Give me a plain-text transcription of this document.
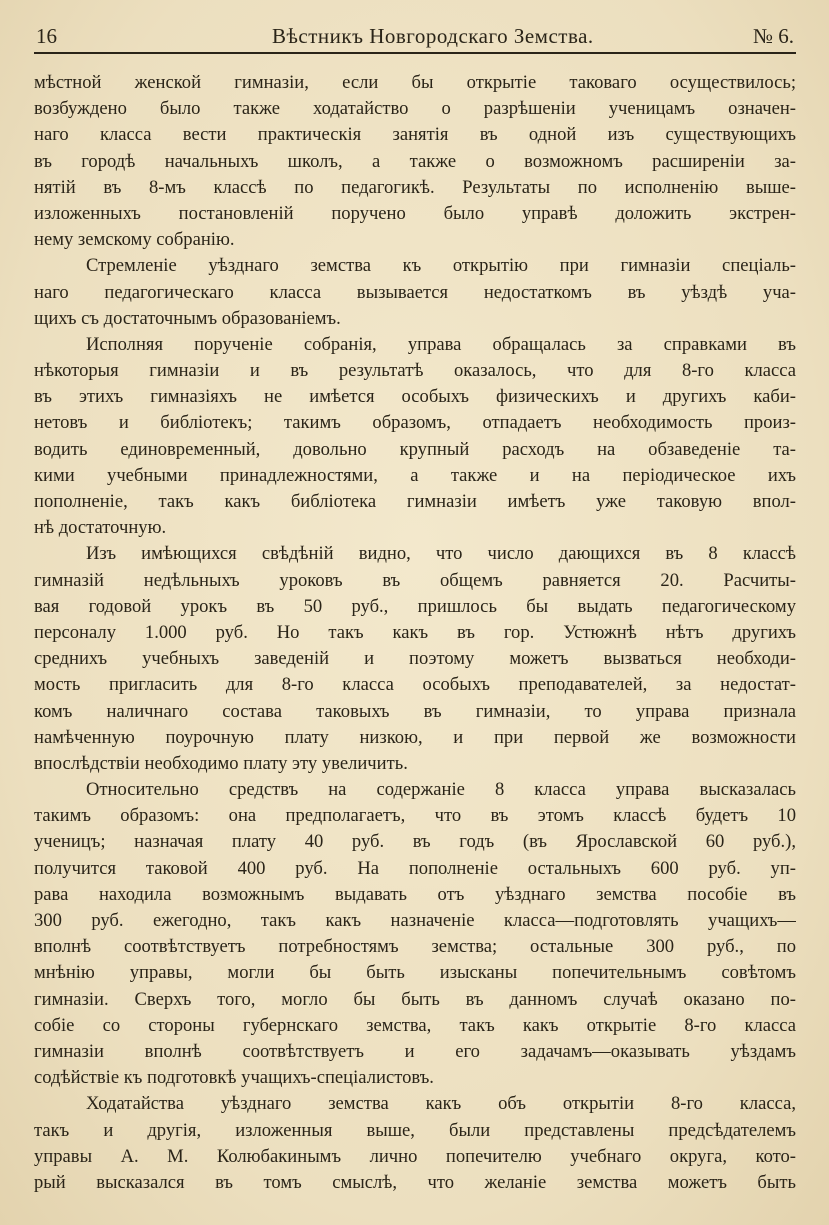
16	Вѣстникъ Новгородскаго Земства.	№ 6.
мѣстной женской гимназіи, если бы открытіе таковаго осуществилось;
возбуждено было также ходатайство о разрѣшеніи ученицамъ означен-
наго класса вести практическія занятія въ одной изъ существующихъ
въ городѣ начальныхъ школъ, а также о возможномъ расширеніи за-
нятій въ 8-мъ классѣ по педагогикѣ. Результаты по исполненію выше-
изложенныхъ постановленій поручено было управѣ доложить экстрен-
нему земскому собранію.
Стремленіе уѣзднаго земства къ открытію при гимназіи спеціаль-
наго педагогическаго класса вызывается недостаткомъ въ уѣздѣ уча-
щихъ съ достаточнымъ образованіемъ.
Исполняя порученіе собранія, управа обращалась за справками въ
нѣкоторыя гимназіи и въ результатѣ оказалось, что для 8-го класса
въ этихъ гимназіяхъ не имѣется особыхъ физическихъ и другихъ каби-
нетовъ и библіотекъ; такимъ образомъ, отпадаетъ необходимость произ-
водить единовременный, довольно крупный расходъ на обзаведеніе та-
кими учебными принадлежностями, а также и на періодическое ихъ
пополненіе, такъ какъ библіотека гимназіи имѣетъ уже таковую впол-
нѣ достаточную.
Изъ имѣющихся свѣдѣній видно, что число дающихся въ 8 классѣ
гимназій недѣльныхъ уроковъ въ общемъ равняется 20. Расчиты-
вая годовой урокъ въ 50 руб., пришлось бы выдать педагогическому
персоналу 1.000 руб. Но такъ какъ въ гор. Устюжнѣ нѣтъ другихъ
среднихъ учебныхъ заведеній и поэтому можетъ вызваться необходи-
мость пригласить для 8-го класса особыхъ преподавателей, за недостат-
комъ наличнаго состава таковыхъ въ гимназіи, то управа признала
намѣченную поурочную плату низкою, и при первой же возможности
впослѣдствіи необходимо плату эту увеличить.
Относительно средствъ на содержаніе 8 класса управа высказалась
такимъ образомъ: она предполагаетъ, что въ этомъ классѣ будетъ 10
ученицъ; назначая плату 40 руб. въ годъ (въ Ярославской 60 руб.),
получится таковой 400 руб. На пополненіе остальныхъ 600 руб. уп-
рава находила возможнымъ выдавать отъ уѣзднаго земства пособіе въ
300 руб. ежегодно, такъ какъ назначеніе класса—подготовлять учащихъ—
вполнѣ соотвѣтствуетъ потребностямъ земства; остальные 300 руб., по
мнѣнію управы, могли бы быть изысканы попечительнымъ совѣтомъ
гимназіи. Сверхъ того, могло бы быть въ данномъ случаѣ оказано по-
собіе со стороны губернскаго земства, такъ какъ открытіе 8-го класса
гимназіи вполнѣ соотвѣтствуетъ и его задачамъ—оказывать уѣздамъ
содѣйствіе къ подготовкѣ учащихъ-спеціалистовъ.
Ходатайства уѣзднаго земства какъ объ открытіи 8-го класса,
такъ и другія, изложенныя выше, были представлены предсѣдателемъ
управы А. М. Колюбакинымъ лично попечителю учебнаго округа, кото-
рый высказался въ томъ смыслѣ, что желаніе земства можетъ быть
